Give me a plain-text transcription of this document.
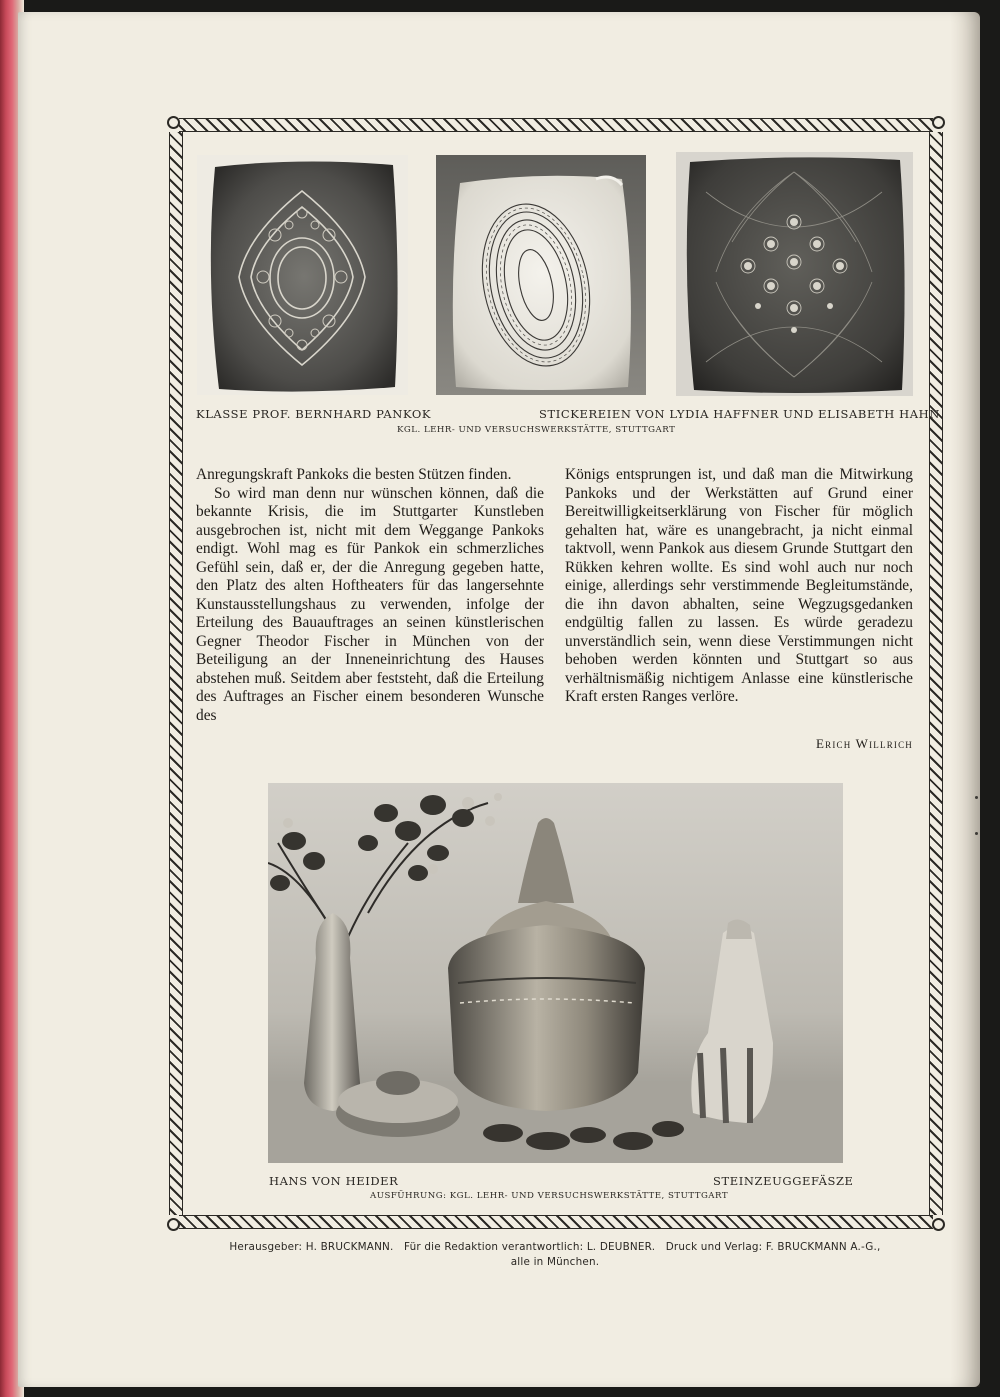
KLASSE PROF. BERNHARD PANKOK	STICKEREIEN VON LYDIA HAFFNER UND ELISABETH HAHN
KGL. LEHR- UND VERSUCHSWERKSTÄTTE, STUTTGART

Anregungskraft Pankoks die besten Stützen finden.

So wird man denn nur wünschen können, daß die bekannte Krisis, die im Stuttgarter Kunstleben ausgebrochen ist, nicht mit dem Weggange Pankoks endigt. Wohl mag es für Pankok ein schmerzliches Gefühl sein, daß er, der die Anregung gegeben hatte, den Platz des alten Hoftheaters für das langersehnte Kunstausstellungshaus zu verwenden, infolge der Erteilung des Bauauftrages an seinen künstlerischen Gegner Theodor Fischer in München von der Beteiligung an der Inneneinrichtung des Hauses abstehen muß. Seitdem aber feststeht, daß die Erteilung des Auftrages an Fischer einem besonderen Wunsche des

Königs entsprungen ist, und daß man die Mitwirkung Pankoks und der Werkstätten auf Grund einer Bereitwilligkeitserklärung von Fischer für möglich gehalten hat, wäre es unangebracht, ja nicht einmal taktvoll, wenn Pankok aus diesem Grunde Stuttgart den Rükken kehren wollte. Es sind wohl auch nur noch einige, allerdings sehr verstimmende Begleitumstände, die ihn davon abhalten, seine Wegzugsgedanken endgültig fallen zu lassen. Es würde geradezu unverständlich sein, wenn diese Verstimmungen nicht behoben werden könnten und Stuttgart so aus verhältnismäßig nichtigem Anlasse eine künstlerische Kraft ersten Ranges verlöre.

Erich Willrich
HANS VON HEIDER	STEINZEUGGEFÄSZE
AUSFÜHRUNG: KGL. LEHR- UND VERSUCHSWERKSTÄTTE, STUTTGART
Herausgeber: H. BRUCKMANN.   Für die Redaktion verantwortlich: L. DEUBNER.   Druck und Verlag: F. BRUCKMANN A.-G.,
alle in München.
